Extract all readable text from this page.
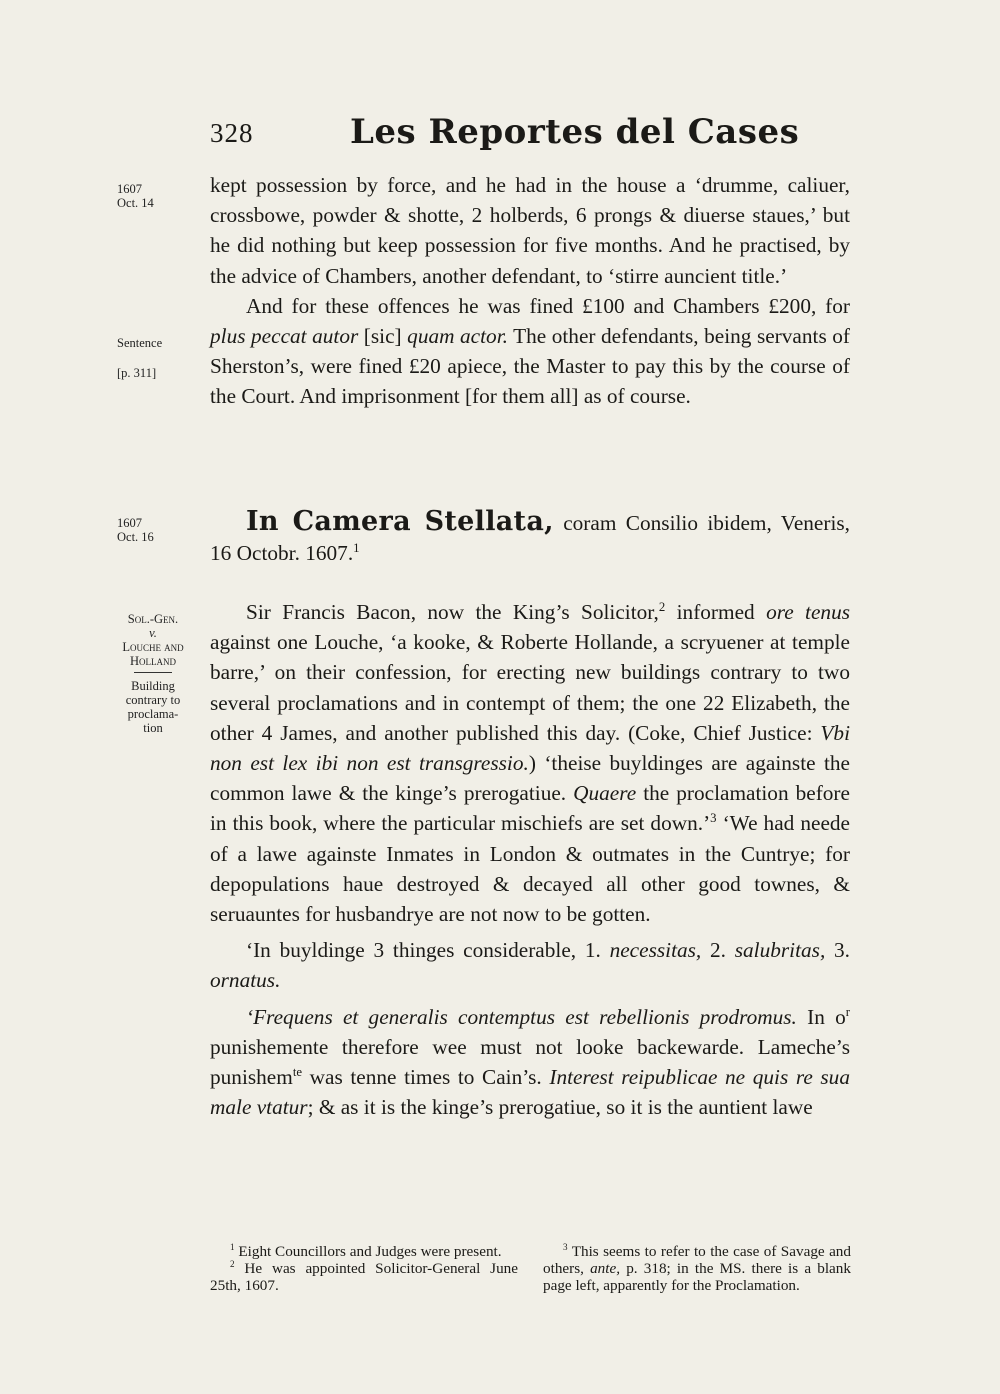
328	Les Reportes del Cases
1607
Oct. 14
Sentence
[p. 311]
1607
Oct. 16
Sol.-Gen.
v.
Louche and
Holland
Building
contrary to
proclama-
tion

kept possession by force, and he had in the house a ‘drumme, caliuer, crossbowe, powder & shotte, 2 holberds, 6 prongs & diuerse staues,’ but he did nothing but keep possession for five months. And he practised, by the advice of Chambers, another defendant, to ‘stirre auncient title.’

And for these offences he was fined £100 and Chambers £200, for plus peccat autor [sic] quam actor. The other defendants, being servants of Sherston’s, were fined £20 apiece, the Master to pay this by the course of the Court. And imprisonment [for them all] as of course.

In Camera Stellata, coram Consilio ibidem, Veneris, 16 Octobr. 1607.$^1$

Sir Francis Bacon, now the King’s Solicitor,$^2$ informed ore tenus against one Louche, ‘a kooke, & Roberte Hollande, a scryuener at temple barre,’ on their confession, for erecting new buildings contrary to two several proclamations and in contempt of them; the one 22 Elizabeth, the other 4 James, and another published this day. (Coke, Chief Justice: Vbi non est lex ibi non est transgressio.) ‘theise buyldinges are againste the common lawe & the kinge’s prerogatiue. Quaere the proclamation before in this book, where the particular mischiefs are set down.’$^3$ ‘We had neede of a lawe againste Inmates in London & outmates in the Cuntrye; for depopulations haue destroyed & decayed all other good townes, & seruauntes for husbandrye are not now to be gotten.

‘In buyldinge 3 thinges considerable, 1. necessitas, 2. salubritas, 3. ornatus.

‘Frequens et generalis contemptus est rebellionis prodromus. In $o^r$ punishemente therefore wee must not looke backewarde. Lameche’s punishem$^{te}$ was tenne times to Cain’s. Interest reipublicae ne quis re sua male vtatur; & as it is the kinge’s prerogatiue, so it is the auntient lawe

$^1$ Eight Councillors and Judges were present.

$^2$ He was appointed Solicitor-General June 25th, 1607.

$^3$ This seems to refer to the case of Savage and others, ante, p. 318; in the MS. there is a blank page left, apparently for the Proclamation.
